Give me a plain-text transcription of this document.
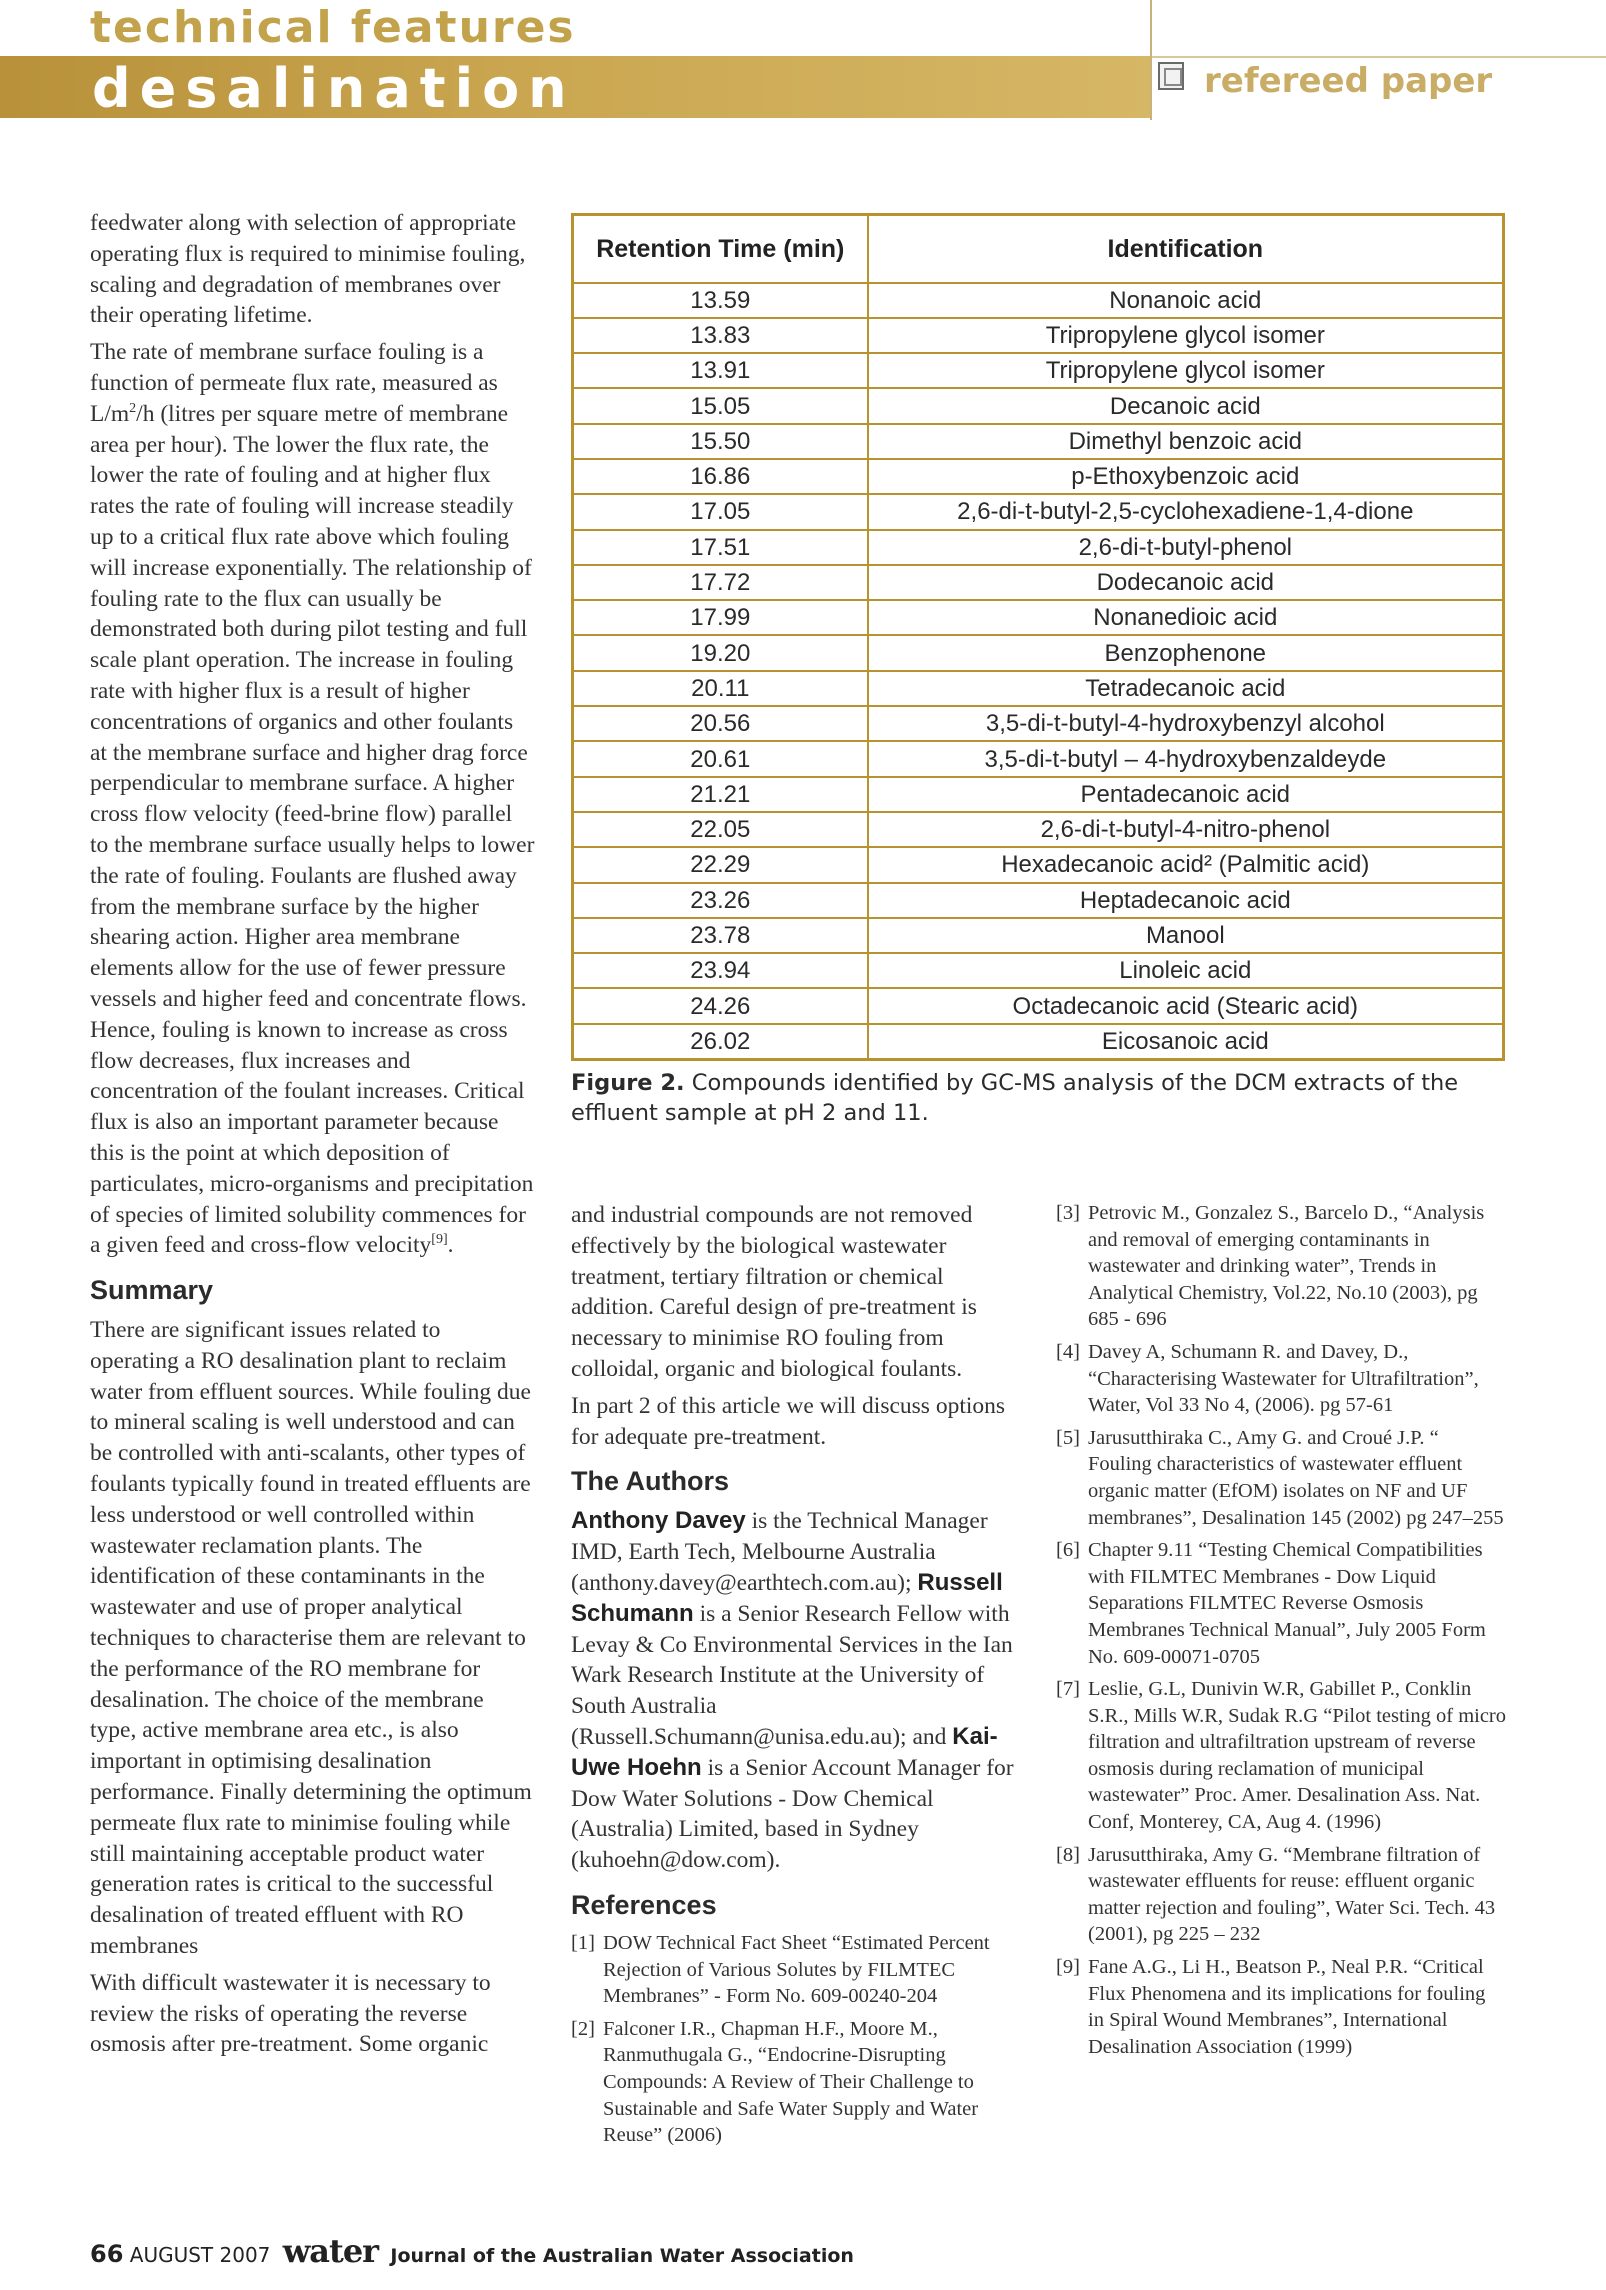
technical features
desalination	refereed paper

feedwater along with selection of appropriate operating flux is required to minimise fouling, scaling and degradation of membranes over their operating lifetime.

The rate of membrane surface fouling is a function of permeate flux rate, measured as $L/m^2/h$ (litres per square metre of membrane area per hour). The lower the flux rate, the lower the rate of fouling and at higher flux rates the rate of fouling will increase steadily up to a critical flux rate above which fouling will increase exponentially. The relationship of fouling rate to the flux can usually be demonstrated both during pilot testing and full scale plant operation. The increase in fouling rate with higher flux is a result of higher concentrations of organics and other foulants at the membrane surface and higher drag force perpendicular to membrane surface. A higher cross flow velocity (feed-brine flow) parallel to the membrane surface usually helps to lower the rate of fouling. Foulants are flushed away from the membrane surface by the higher shearing action. Higher area membrane elements allow for the use of fewer pressure vessels and higher feed and concentrate flows. Hence, fouling is known to increase as cross flow decreases, flux increases and concentration of the foulant increases. Critical flux is also an important parameter because this is the point at which deposition of particulates, micro-organisms and precipitation of species of limited solubility commences for a given feed and cross-flow velocity[9].

Summary

There are significant issues related to operating a RO desalination plant to reclaim water from effluent sources. While fouling due to mineral scaling is well understood and can be controlled with anti-scalants, other types of foulants typically found in treated effluents are less understood or well controlled within wastewater reclamation plants. The identification of these contaminants in the wastewater and use of proper analytical techniques to characterise them are relevant to the performance of the RO membrane for desalination. The choice of the membrane type, active membrane area etc., is also important in optimising desalination performance. Finally determining the optimum permeate flux rate to minimise fouling while still maintaining acceptable product water generation rates is critical to the successful desalination of treated effluent with RO membranes

With difficult wastewater it is necessary to review the risks of operating the reverse osmosis after pre-treatment. Some organic

Retention Time (min)	Identification
13.59	Nonanoic acid
13.83	Tripropylene glycol isomer
13.91	Tripropylene glycol isomer
15.05	Decanoic acid
15.50	Dimethyl benzoic acid
16.86	p-Ethoxybenzoic acid
17.05	2,6-di-t-butyl-2,5-cyclohexadiene-1,4-dione
17.51	2,6-di-t-butyl-phenol
17.72	Dodecanoic acid
17.99	Nonanedioic acid
19.20	Benzophenone
20.11	Tetradecanoic acid
20.56	3,5-di-t-butyl-4-hydroxybenzyl alcohol
20.61	3,5-di-t-butyl – 4-hydroxybenzaldeyde
21.21	Pentadecanoic acid
22.05	2,6-di-t-butyl-4-nitro-phenol
22.29	Hexadecanoic acid² (Palmitic acid)
23.26	Heptadecanoic acid
23.78	Manool
23.94	Linoleic acid
24.26	Octadecanoic acid (Stearic acid)
26.02	Eicosanoic acid
Figure 2. Compounds identified by GC-MS analysis of the DCM extracts of the effluent sample at pH 2 and 11.

and industrial compounds are not removed effectively by the biological wastewater treatment, tertiary filtration or chemical addition. Careful design of pre-treatment is necessary to minimise RO fouling from colloidal, organic and biological foulants.

In part 2 of this article we will discuss options for adequate pre-treatment.

The Authors

Anthony Davey is the Technical Manager IMD, Earth Tech, Melbourne Australia (anthony.davey@earthtech.com.au); Russell Schumann is a Senior Research Fellow with Levay & Co Environmental Services in the Ian Wark Research Institute at the University of South Australia (Russell.Schumann@unisa.edu.au); and Kai-Uwe Hoehn is a Senior Account Manager for Dow Water Solutions - Dow Chemical (Australia) Limited, based in Sydney (kuhoehn@dow.com).

References
[1] DOW Technical Fact Sheet “Estimated Percent Rejection of Various Solutes by FILMTEC Membranes” - Form No. 609-00240-204
[2] Falconer I.R., Chapman H.F., Moore M., Ranmuthugala G., “Endocrine-Disrupting Compounds: A Review of Their Challenge to Sustainable and Safe Water Supply and Water Reuse” (2006)
[3] Petrovic M., Gonzalez S., Barcelo D., “Analysis and removal of emerging contaminants in wastewater and drinking water”, Trends in Analytical Chemistry, Vol.22, No.10 (2003), pg 685 - 696
[4] Davey A, Schumann R. and Davey, D., “Characterising Wastewater for Ultrafiltration”, Water, Vol 33 No 4, (2006). pg 57-61
[5] Jarusutthiraka C., Amy G. and Croué J.P. “ Fouling characteristics of wastewater effluent organic matter (EfOM) isolates on NF and UF membranes”, Desalination 145 (2002) pg 247–255
[6] Chapter 9.11 “Testing Chemical Compatibilities with FILMTEC Membranes - Dow Liquid Separations FILMTEC Reverse Osmosis Membranes Technical Manual”, July 2005 Form No. 609-00071-0705
[7] Leslie, G.L, Dunivin W.R, Gabillet P., Conklin S.R., Mills W.R, Sudak R.G “Pilot testing of micro filtration and ultrafiltration upstream of reverse osmosis during reclamation of municipal wastewater” Proc. Amer. Desalination Ass. Nat. Conf, Monterey, CA, Aug 4. (1996)
[8] Jarusutthiraka, Amy G. “Membrane filtration of wastewater effluents for reuse: effluent organic matter rejection and fouling”, Water Sci. Tech. 43 (2001), pg 225 – 232
[9] Fane A.G., Li H., Beatson P., Neal P.R. “Critical Flux Phenomena and its implications for fouling in Spiral Wound Membranes”, International Desalination Association (1999)
66 AUGUST 2007 water Journal of the Australian Water Association
